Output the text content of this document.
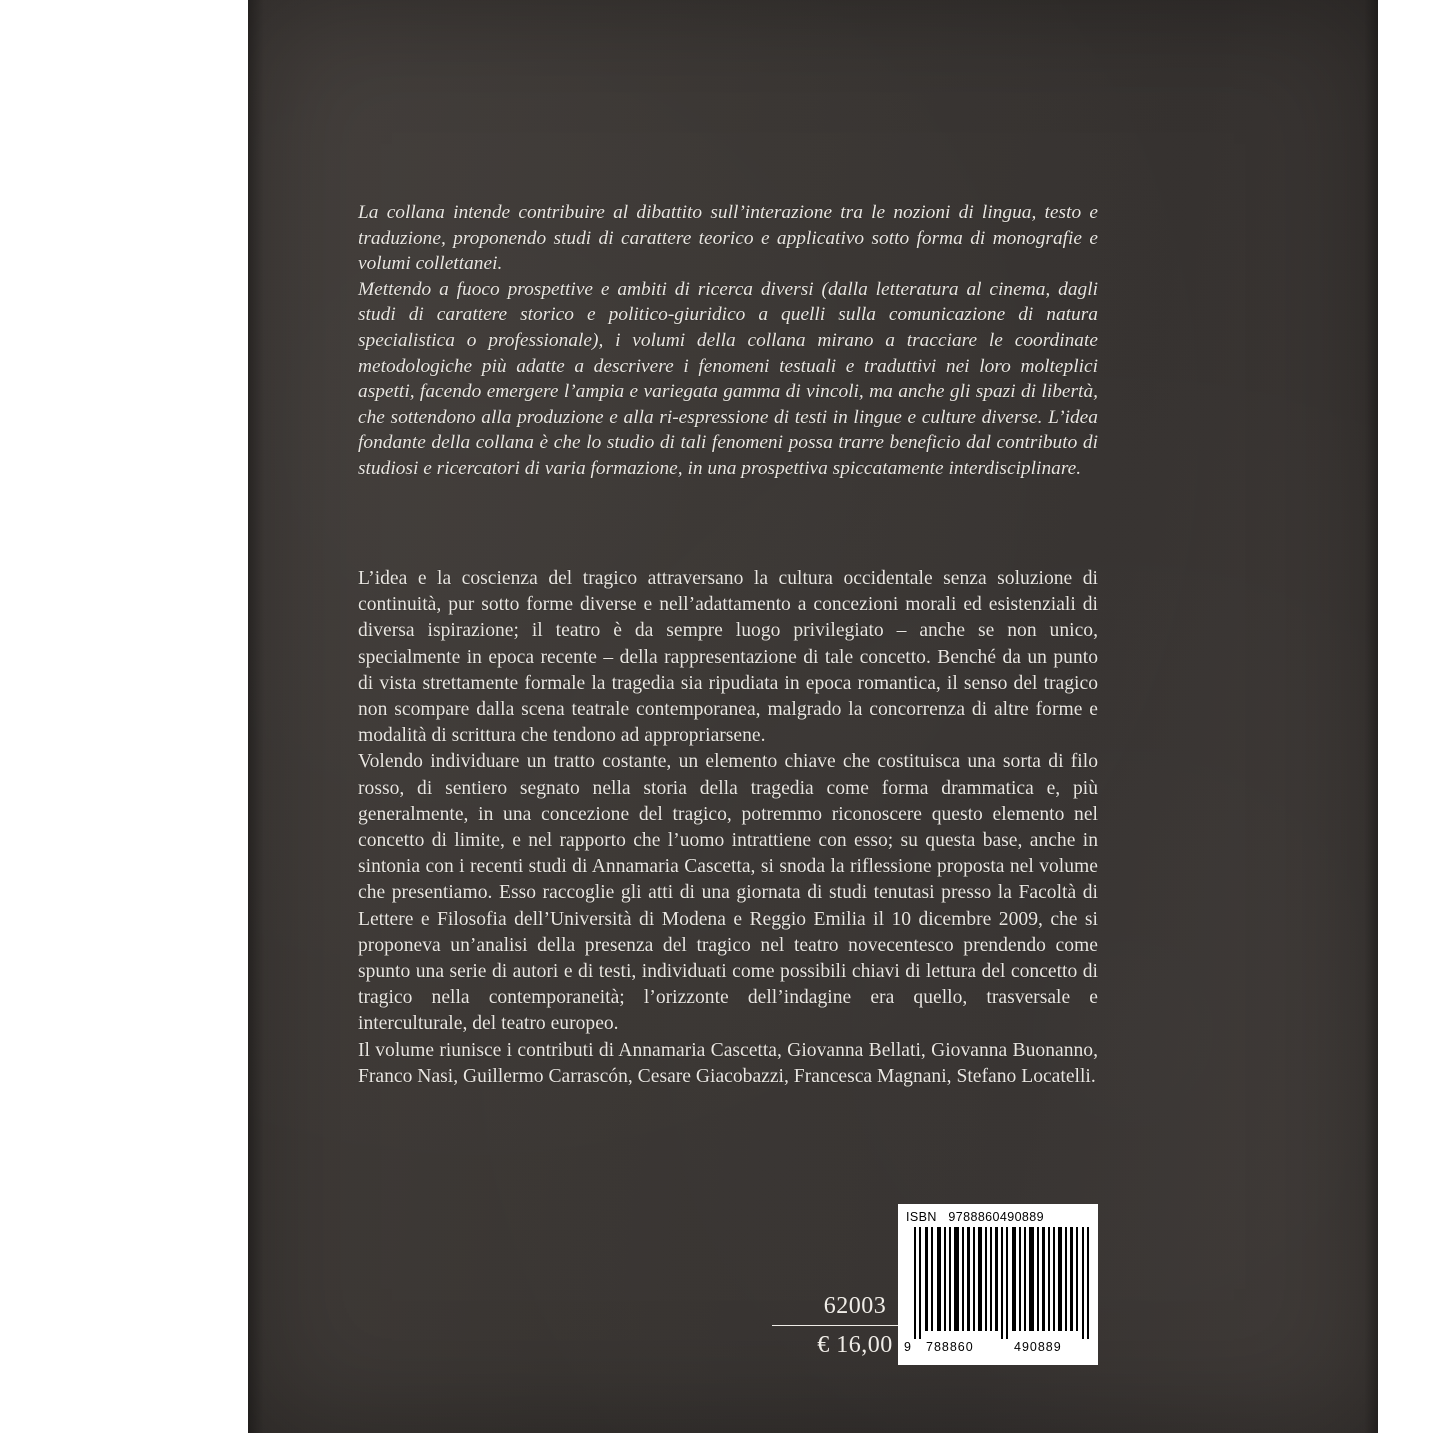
La collana intende contribuire al dibattito sull’interazione tra le nozioni di lingua, testo e traduzione, proponendo studi di carattere teorico e applicativo sotto forma di monografie e volumi collettanei.

Mettendo a fuoco prospettive e ambiti di ricerca diversi (dalla letteratura al cinema, dagli studi di carattere storico e politico-giuridico a quelli sulla comunicazione di natura specialistica o professionale), i volumi della collana mirano a tracciare le coordinate metodologiche più adatte a descrivere i fenomeni testuali e traduttivi nei loro molteplici aspetti, facendo emergere l’ampia e variegata gamma di vincoli, ma anche gli spazi di libertà, che sottendono alla produzione e alla ri-espressione di testi in lingue e culture diverse. L’idea fondante della collana è che lo studio di tali fenomeni possa trarre beneficio dal contributo di studiosi e ricercatori di varia formazione, in una prospettiva spiccatamente interdisciplinare.

L’idea e la coscienza del tragico attraversano la cultura occidentale senza soluzione di continuità, pur sotto forme diverse e nell’adattamento a concezioni morali ed esistenziali di diversa ispirazione; il teatro è da sempre luogo privilegiato – anche se non unico, specialmente in epoca recente – della rappresentazione di tale concetto. Benché da un punto di vista strettamente formale la tragedia sia ripudiata in epoca romantica, il senso del tragico non scompare dalla scena teatrale contemporanea, malgrado la concorrenza di altre forme e modalità di scrittura che tendono ad appropriarsene.

Volendo individuare un tratto costante, un elemento chiave che costituisca una sorta di filo rosso, di sentiero segnato nella storia della tragedia come forma drammatica e, più generalmente, in una concezione del tragico, potremmo riconoscere questo elemento nel concetto di limite, e nel rapporto che l’uomo intrattiene con esso; su questa base, anche in sintonia con i recenti studi di Annamaria Cascetta, si snoda la riflessione proposta nel volume che presentiamo. Esso raccoglie gli atti di una giornata di studi tenutasi presso la Facoltà di Lettere e Filosofia dell’Università di Modena e Reggio Emilia il 10 dicembre 2009, che si proponeva un’analisi della presenza del tragico nel teatro novecentesco prendendo come spunto una serie di autori e di testi, individuati come possibili chiavi di lettura del concetto di tragico nella contemporaneità; l’orizzonte dell’indagine era quello, trasversale e interculturale, del teatro europeo.

Il volume riunisce i contributi di Annamaria Cascetta, Giovanna Bellati, Giovanna Buonanno, Franco Nasi, Guillermo Carrascón, Cesare Giacobazzi, Francesca Magnani, Stefano Locatelli.

62003
€ 16,00
ISBN 9788860490889
9 788860	490889
